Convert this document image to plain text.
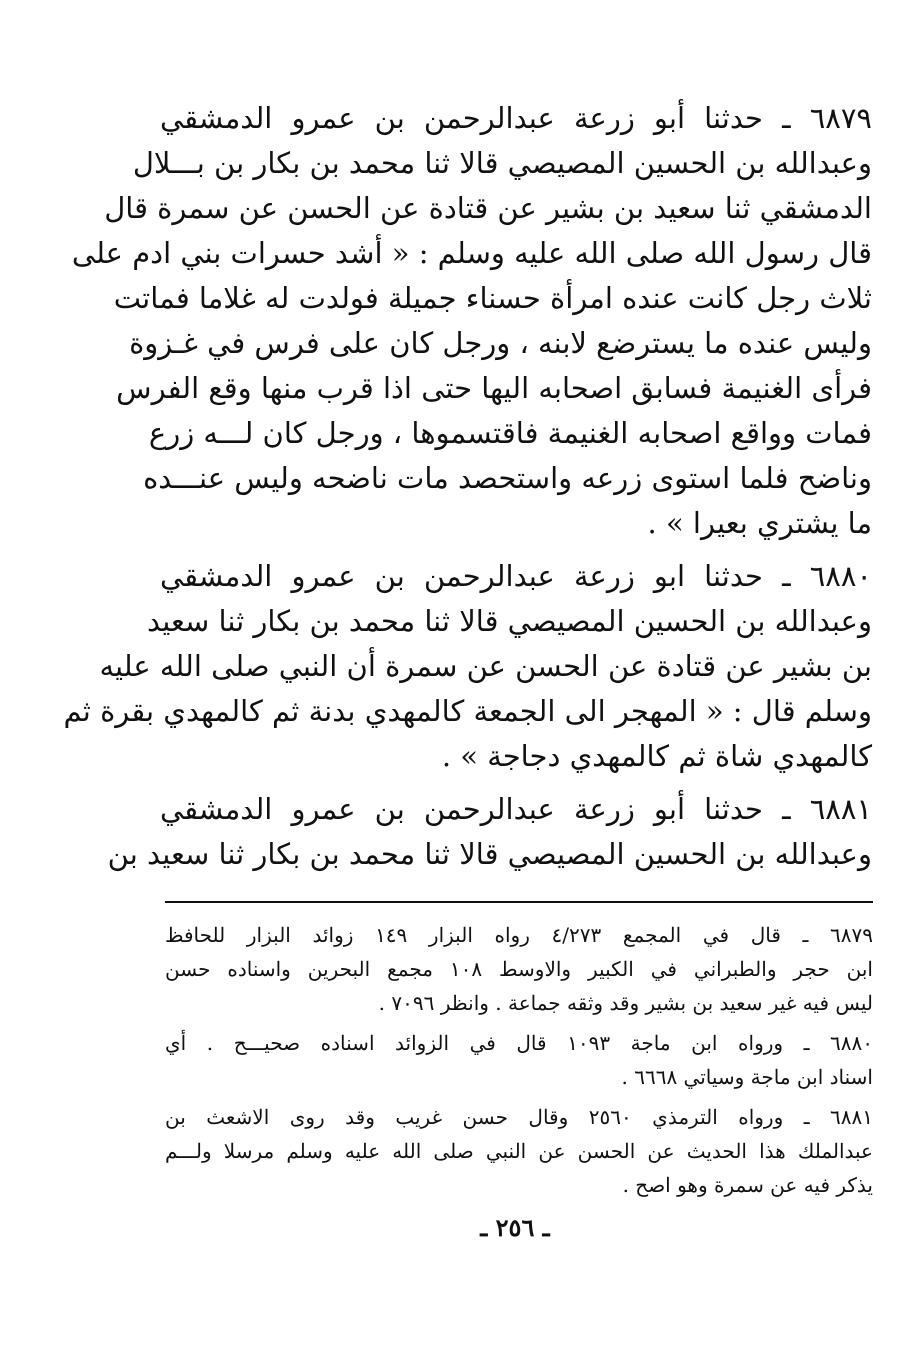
٦٨٧٩ ـ حدثنا أبو زرعة عبدالرحمن بن عمرو الدمشقي
وعبدالله بن الحسين المصيصي قالا ثنا محمد بن بكار بن بـــلال
الدمشقي ثنا سعيد بن بشير عن قتادة عن الحسن عن سمرة قال
قال رسول الله صلى الله عليه وسلم : « أشد حسرات بني ادم على
ثلاث رجل كانت عنده امرأة حسناء جميلة فولدت له غلاما فماتت
وليس عنده ما يسترضع لابنه ، ورجل كان على فرس في غـزوة
فرأى الغنيمة فسابق اصحابه اليها حتى اذا قرب منها وقع الفرس
فمات وواقع اصحابه الغنيمة فاقتسموها ، ورجل كان لـــه زرع
وناضح فلما استوى زرعه واستحصد مات ناضحه وليس عنـــده
ما يشتري بعيرا » .
٦٨٨٠ ـ حدثنا ابو زرعة عبدالرحمن بن عمرو الدمشقي
وعبدالله بن الحسين المصيصي قالا ثنا محمد بن بكار ثنا سعيد
بن بشير عن قتادة عن الحسن عن سمرة أن النبي صلى الله عليه
وسلم قال : « المهجر الى الجمعة كالمهدي بدنة ثم كالمهدي بقرة ثم
كالمهدي شاة ثم كالمهدي دجاجة » .
٦٨٨١ ـ حدثنا أبو زرعة عبدالرحمن بن عمرو الدمشقي
وعبدالله بن الحسين المصيصي قالا ثنا محمد بن بكار ثنا سعيد بن
٦٨٧٩ ـ قال في المجمع ٤/٢٧٣ رواه البزار ١٤٩ زوائد البزار للحافظ
ابن حجر والطبراني في الكبير والاوسط ١٠٨ مجمع البحرين واسناده حسن
ليس فيه غير سعيد بن بشير وقد وثقه جماعة . وانظر ٧٠٩٦ .
٦٨٨٠ ـ ورواه ابن ماجة ١٠٩٣ قال في الزوائد اسناده صحيـــح . أي
اسناد ابن ماجة وسياتي ٦٦٦٨ .
٦٨٨١ ـ ورواه الترمذي ٢٥٦٠ وقال حسن غريب وقد روى الاشعث بن
عبدالملك هذا الحديث عن الحسن عن النبي صلى الله عليه وسلم مرسلا ولـــم
يذكر فيه عن سمرة وهو اصح .
ـ ٢٥٦ ـ
